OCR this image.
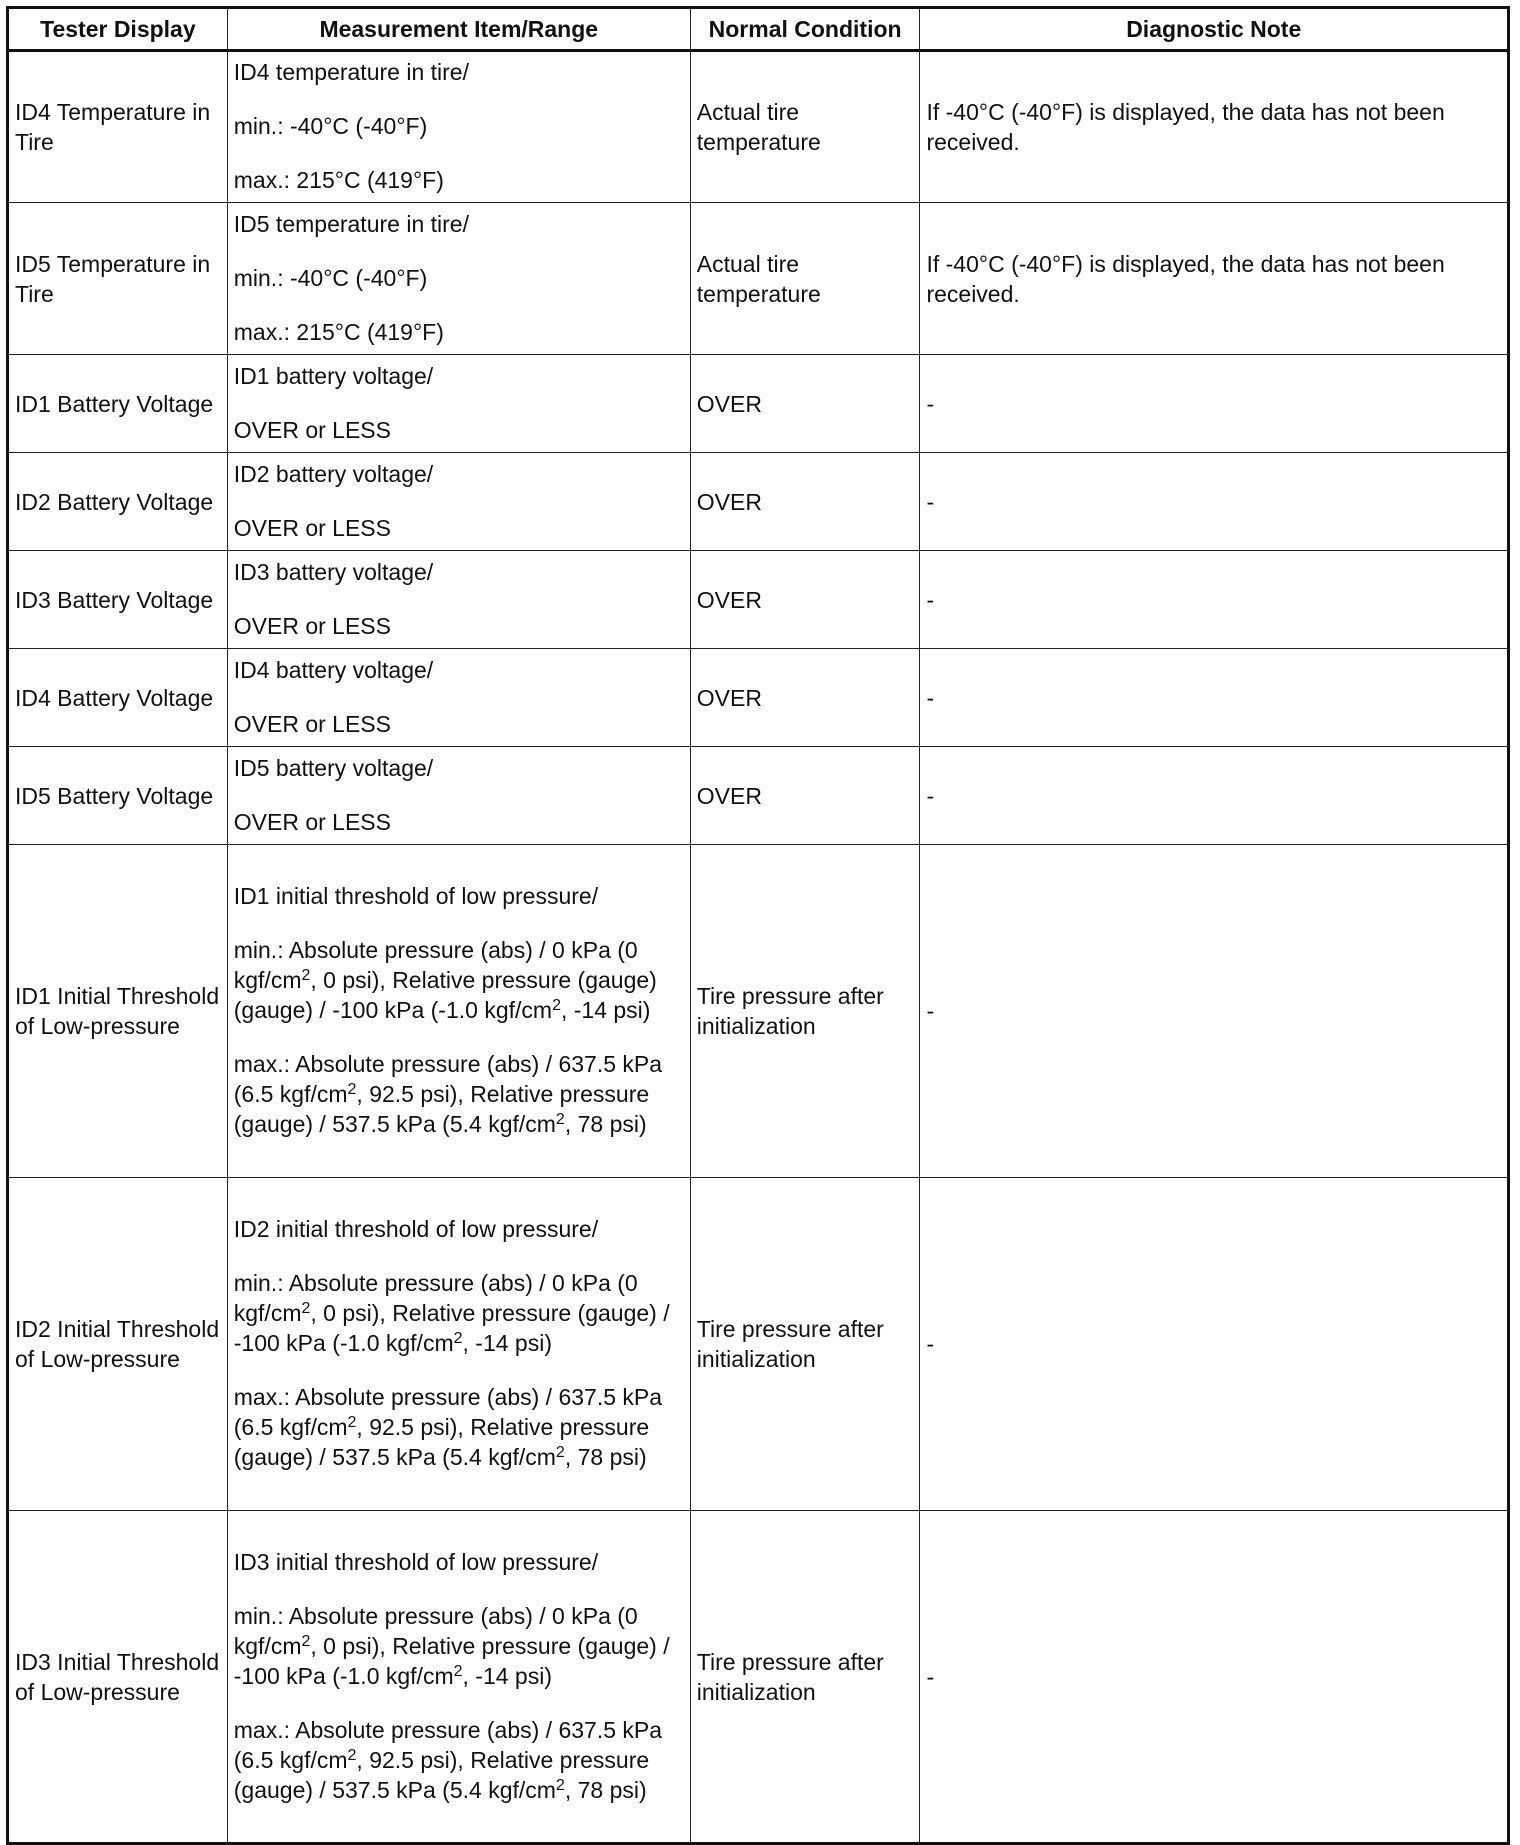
Tester Display	Measurement Item/Range	Normal Condition	Diagnostic Note
ID4 Temperature in Tire	ID4 temperature in tire/

min.: -40°C (-40°F)

max.: 215°C (419°F)	Actual tire temperature	If -40°C (-40°F) is displayed, the data has not been received.
ID5 Temperature in Tire	ID5 temperature in tire/

min.: -40°C (-40°F)

max.: 215°C (419°F)	Actual tire temperature	If -40°C (-40°F) is displayed, the data has not been received.
ID1 Battery Voltage	ID1 battery voltage/

OVER or LESS	OVER	-
ID2 Battery Voltage	ID2 battery voltage/

OVER or LESS	OVER	-
ID3 Battery Voltage	ID3 battery voltage/

OVER or LESS	OVER	-
ID4 Battery Voltage	ID4 battery voltage/

OVER or LESS	OVER	-
ID5 Battery Voltage	ID5 battery voltage/

OVER or LESS	OVER	-
ID1 Initial Threshold of Low-pressure	ID1 initial threshold of low pressure/

min.: Absolute pressure (abs) / 0 kPa (0 kgf/$cm^2$, 0 psi), Relative pressure (gauge) (gauge) / -100 kPa (-1.0 kgf/$cm^2$, -14 psi)

max.: Absolute pressure (abs) / 637.5 kPa (6.5 kgf/$cm^2$, 92.5 psi), Relative pressure (gauge) / 537.5 kPa (5.4 kgf/$cm^2$, 78 psi)	Tire pressure after initialization	-
ID2 Initial Threshold of Low-pressure	ID2 initial threshold of low pressure/

min.: Absolute pressure (abs) / 0 kPa (0 kgf/$cm^2$, 0 psi), Relative pressure (gauge) / -100 kPa (-1.0 kgf/$cm^2$, -14 psi)

max.: Absolute pressure (abs) / 637.5 kPa (6.5 kgf/$cm^2$, 92.5 psi), Relative pressure (gauge) / 537.5 kPa (5.4 kgf/$cm^2$, 78 psi)	Tire pressure after initialization	-
ID3 Initial Threshold of Low-pressure	ID3 initial threshold of low pressure/

min.: Absolute pressure (abs) / 0 kPa (0 kgf/$cm^2$, 0 psi), Relative pressure (gauge) / -100 kPa (-1.0 kgf/$cm^2$, -14 psi)

max.: Absolute pressure (abs) / 637.5 kPa (6.5 kgf/$cm^2$, 92.5 psi), Relative pressure (gauge) / 537.5 kPa (5.4 kgf/$cm^2$, 78 psi)	Tire pressure after initialization	-
